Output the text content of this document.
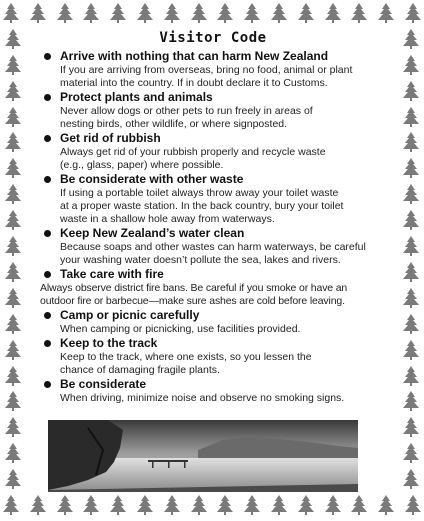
Visitor Code
Arrive with nothing that can harm New Zealand
If you are arriving from overseas, bring no food, animal or plant
material into the country. If in doubt declare it to Customs.
Protect plants and animals
Never allow dogs or other pets to run freely in areas of
nesting birds, other wildlife, or where signposted.
Get rid of rubbish
Always get rid of your rubbish properly and recycle waste
(e.g., glass, paper) where possible.
Be considerate with other waste
If using a portable toilet always throw away your toilet waste
at a proper waste station. In the back country, bury your toilet
waste in a shallow hole away from waterways.
Keep New Zealand’s water clean
Because soaps and other wastes can harm waterways, be careful
your washing water doesn’t pollute the sea, lakes and rivers.
Take care with fire
Always observe district fire bans. Be careful if you smoke or have an
outdoor fire or barbecue—make sure ashes are cold before leaving.
Camp or picnic carefully
When camping or picnicking, use facilities provided.
Keep to the track
Keep to the track, where one exists, so you lessen the
chance of damaging fragile plants.
Be considerate
When driving, minimize noise and observe no smoking signs.
